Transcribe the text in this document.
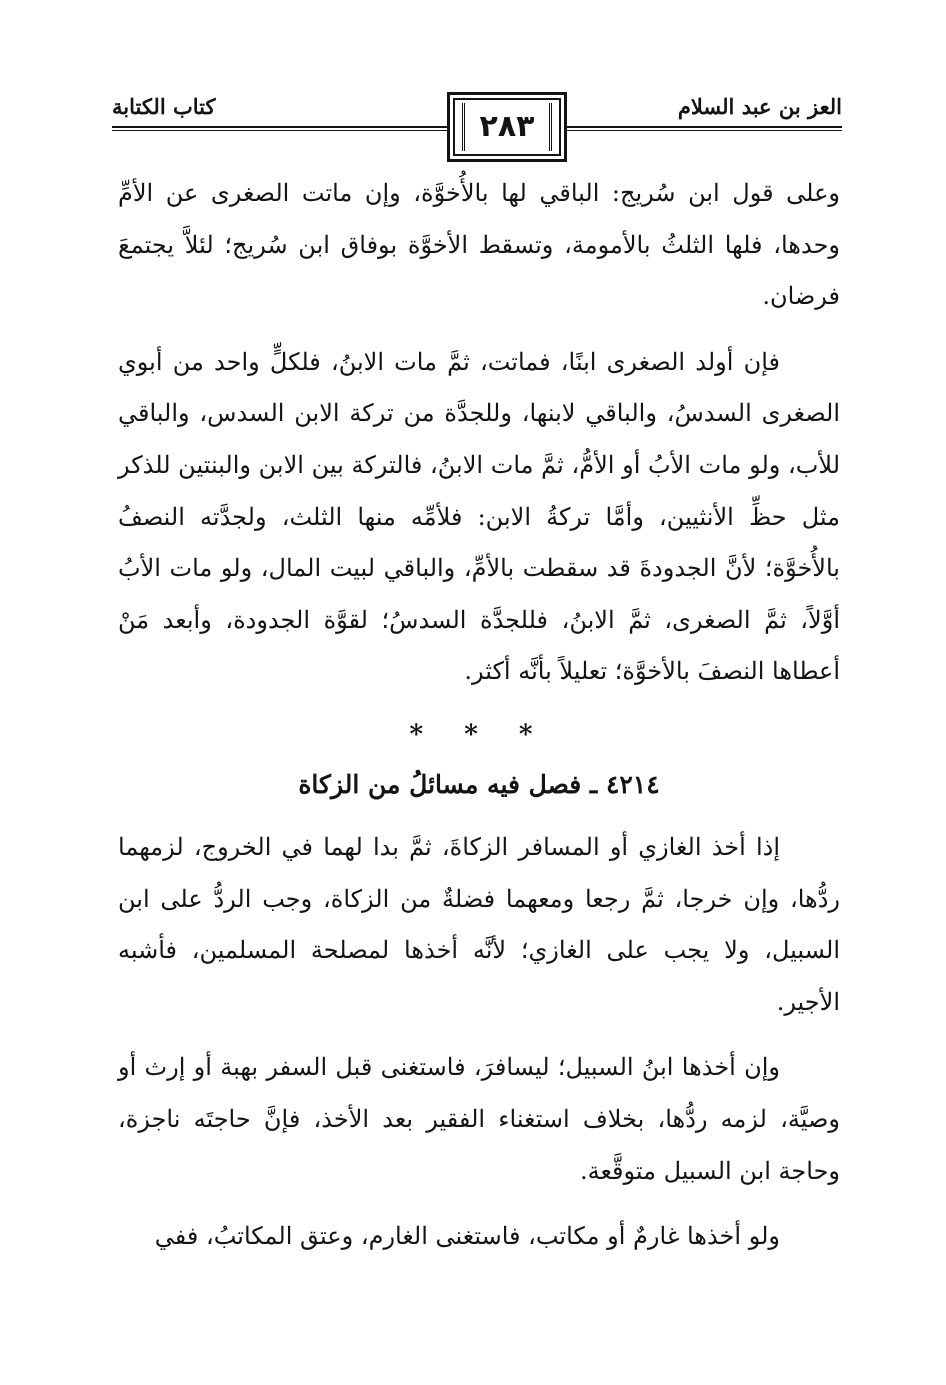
العز بن عبد السلام
كتاب الكتابة
٢٨٣

وعلى قول ابن سُريج: الباقي لها بالأُخوَّة، وإن ماتت الصغرى عن الأمِّ وحدها، فلها الثلثُ بالأمومة، وتسقط الأخوَّة بوفاق ابن سُريج؛ لئلاَّ يجتمعَ فرضان.

فإن أولد الصغرى ابنًا، فماتت، ثمَّ مات الابنُ، فلكلٍّ واحد من أبوي الصغرى السدسُ، والباقي لابنها، وللجدَّة من تركة الابن السدس، والباقي للأب، ولو مات الأبُ أو الأمُّ، ثمَّ مات الابنُ، فالتركة بين الابن والبنتين للذكر مثل حظِّ الأنثيين، وأمَّا تركةُ الابن: فلأمِّه منها الثلث، ولجدَّته النصفُ بالأُخوَّة؛ لأنَّ الجدودةَ قد سقطت بالأمِّ، والباقي لبيت المال، ولو مات الأبُ أوَّلاً، ثمَّ الصغرى، ثمَّ الابنُ، فللجدَّة السدسُ؛ لقوَّة الجدودة، وأبعد مَنْ أعطاها النصفَ بالأخوَّة؛ تعليلاً بأنَّه أكثر.

* * *
٤٢١٤ ـ فصل فيه مسائلُ من الزكاة

إذا أخذ الغازي أو المسافر الزكاةَ، ثمَّ بدا لهما في الخروج، لزمهما ردُّها، وإن خرجا، ثمَّ رجعا ومعهما فضلةٌ من الزكاة، وجب الردُّ على ابن السبيل، ولا يجب على الغازي؛ لأنَّه أخذها لمصلحة المسلمين، فأشبه الأجير.

وإن أخذها ابنُ السبيل؛ ليسافرَ، فاستغنى قبل السفر بهبة أو إرث أو وصيَّة، لزمه ردُّها، بخلاف استغناء الفقير بعد الأخذ، فإنَّ حاجتَه ناجزة، وحاجة ابن السبيل متوقَّعة.

ولو أخذها غارمٌ أو مكاتب، فاستغنى الغارم، وعتق المكاتبُ، ففي
